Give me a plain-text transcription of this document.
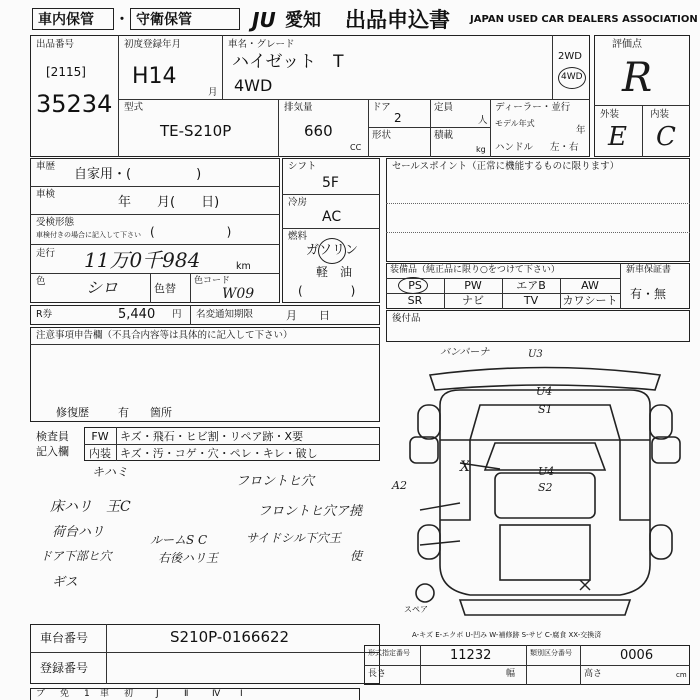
車内保管 ・ 守衛保管	JU 愛知 出品申込書 JAPAN USED CAR DEALERS ASSOCIATION
出品番号
[2115]
35234
初度登録年月
H14
月
車名・グレード
ハイゼット　T
4WD
2WD
4WD
評価点
R
外装	内装
E C
型式
TE-S210P
排気量
660
CC
ドア
2
形状
定員
人
積載
kg
ディーラー・並行
モデル年式
年
ハンドル 左・右
車歴
自家用・(　　　　　)
車検
年　　月(　　日)
受検形態
車検付きの場合に記入して下さい (　　　　　　)
走行 11万0千984	km
色	シロ	色替
色コード
W09
R券	5,440 円 名変通知期限	月　　日
シフト
5F
冷房
AC
燃料
ガソリン
軽　油
(　　　　)
セールスポイント（正常に機能するものに限ります）
装備品（純正品に限り○をつけて下さい）	新車保証書
有・無
PS	PW	エアB	AW
SR	ナビ	TV	カワシート
後付品
注意事項申告欄（不具合内容等は具体的に記入して下さい）
修復歴	有 箇所
検査員
記入欄
FW	キズ・飛石・ヒビ割・リペア跡・X要
内装 キズ・汚・コゲ・穴・ペレ・キレ・破し
キハミ
フロントヒ穴
床ハリ　王C	フロントヒ穴ア撓
荷台ハリ	ルームS C	サイドシル下穴王
ドア下部ヒ穴	右後ハリ王
ギス
使
バンパーナ	U3
U4
S1
U4
S2
A2
X
スペア
A-キズ E-エクボ U-凹み W-補修跡 S-サビ C-腐食 XX-交換済
車台番号	S210P-0166622
登録番号
形式指定番号	11232	類別区分番号	0006
長さ	幅	高さ	cm
ブ 免 1 車 初	J	Ⅱ	Ⅳ Ⅰ
